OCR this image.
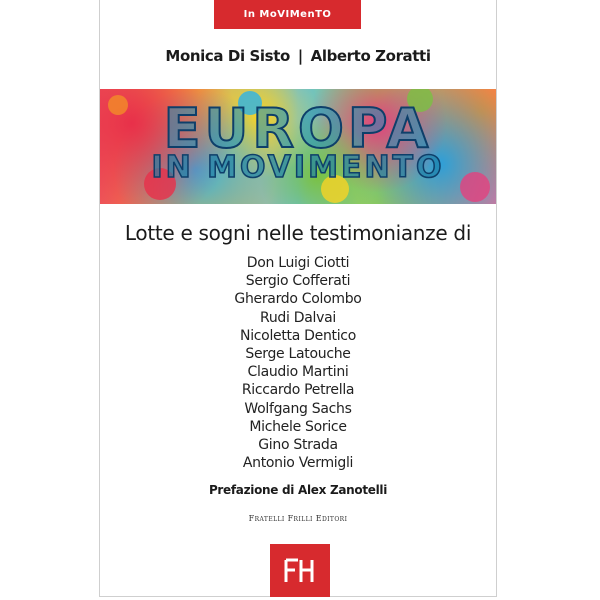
In MoVIMenTO
Monica Di Sisto | Alberto Zoratti
EUROPA
IN MOVIMENTO
Lotte e sogni nelle testimonianze di
Don Luigi Ciotti
Sergio Cofferati
Gherardo Colombo
Rudi Dalvai
Nicoletta Dentico
Serge Latouche
Claudio Martini
Riccardo Petrella
Wolfgang Sachs
Michele Sorice
Gino Strada
Antonio Vermigli
Prefazione di Alex Zanotelli
Fratelli Frilli Editori
